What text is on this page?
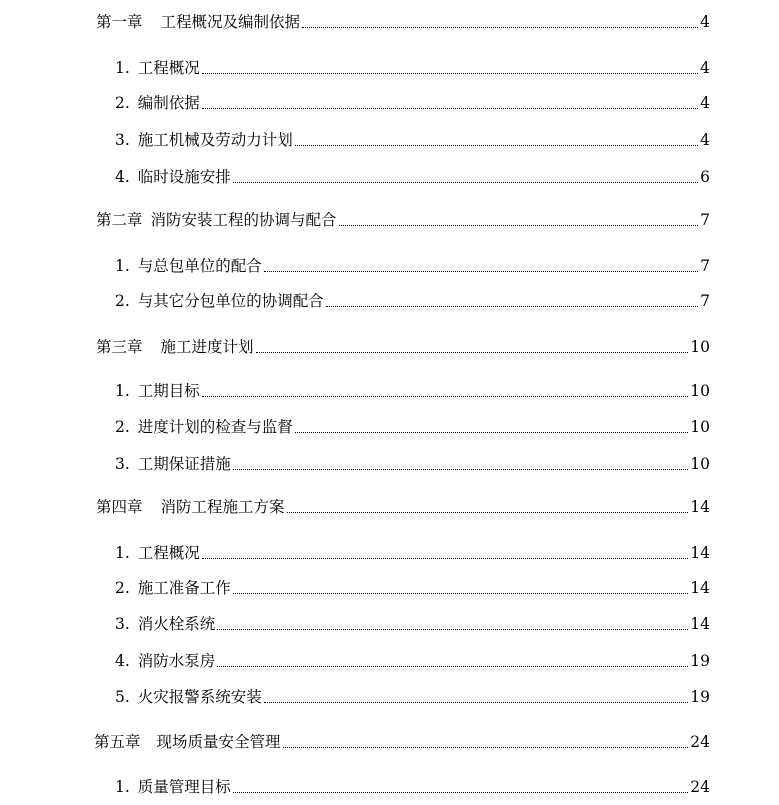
第一章	工程概况及编制依据	4
1. 工程概况	4
2. 编制依据	4
3. 施工机械及劳动力计划	4
4. 临时设施安排	6
第二章 消防安装工程的协调与配合	7
1. 与总包单位的配合	7
2. 与其它分包单位的协调配合	7
第三章	施工进度计划	10
1. 工期目标	10
2. 进度计划的检查与监督	10
3. 工期保证措施	10
第四章	消防工程施工方案	14
1. 工程概况	14
2. 施工准备工作	14
3. 消火栓系统	14
4. 消防水泵房	19
5. 火灾报警系统安装	19
第五章	现场质量安全管理	24
1. 质量管理目标	24
